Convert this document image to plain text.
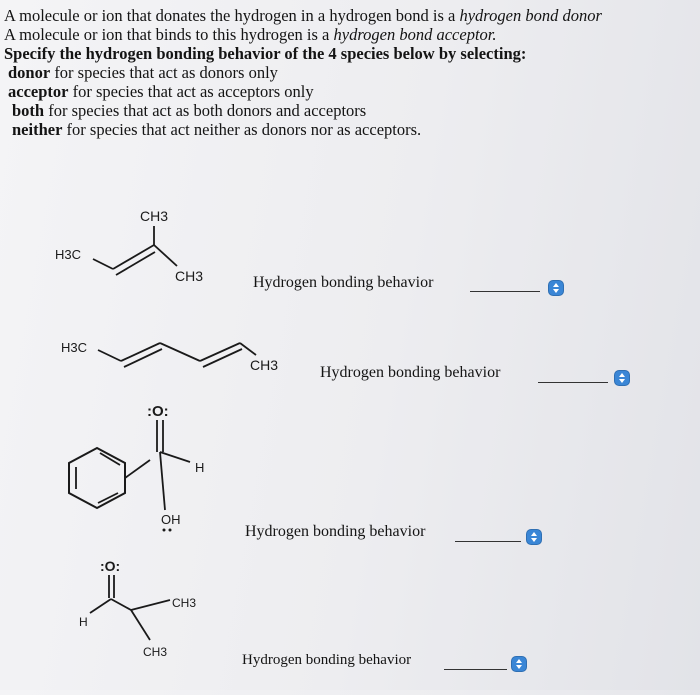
A molecule or ion that donates the hydrogen in a hydrogen bond is a hydrogen bond donor
A molecule or ion that binds to this hydrogen is a hydrogen bond acceptor.
Specify the hydrogen bonding behavior of the 4 species below by selecting:
donor for species that act as donors only
acceptor for species that act as acceptors only
both for species that act as both donors and acceptors
neither for species that act neither as donors nor as acceptors.
CH3
H3C
CH3	Hydrogen bonding behavior
H3C
CH3	Hydrogen bonding behavior
:O:
H
OH
Hydrogen bonding behavior
:O:
H
CH3
CH3	Hydrogen bonding behavior
